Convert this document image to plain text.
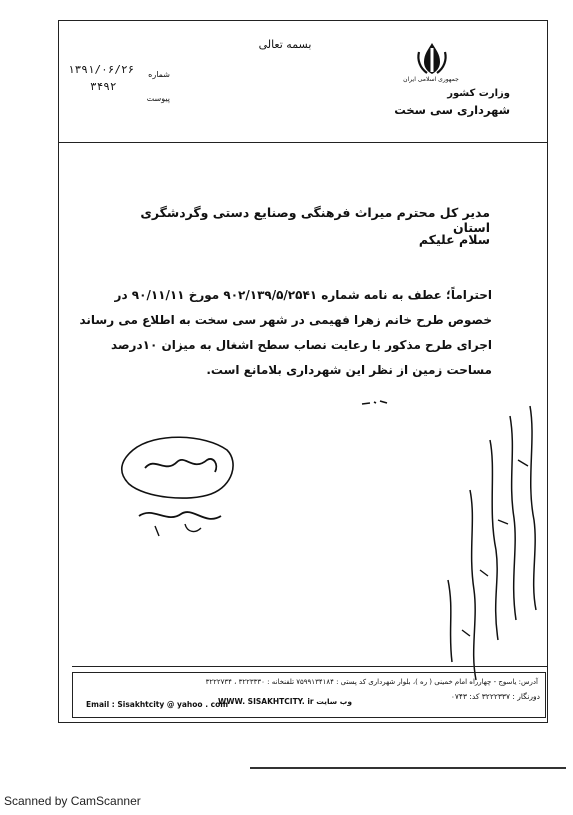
بسمه تعالی
جمهوری اسلامی ایران
وزارت کشور
شهرداری سی سخت
شماره
۱۳۹۱/۰۶/۲۶
پیوست
۳۴۹۲
مدیر کل محترم میراث فرهنگی وصنایع دستی وگردشگری استان
سلام علیکم
احتراماً؛ عطف به نامه شماره ۹۰۲/۱۳۹/۵/۲۵۴۱ مورخ ۹۰/۱۱/۱۱ در
خصوص طرح خانم زهرا فهیمی در شهر سی سخت به اطلاع می رساند
اجرای طرح مذکور با رعایت نصاب سطح اشغال به میزان ۱۰درصد
مساحت زمین از نظر این شهرداری بلامانع است.
آدرس: یاسوج - چهارراه امام خمینی ( ره )، بلوار شهرداری کد پستی : ۷۵۹۹۱۳۴۱۸۴ تلفنخانه : ۳۲۲۳۳۳۰ ، ۳۲۲۲۷۳۴
دورنگار : ۳۲۲۲۳۳۷ کد: ۰۷۴۳
وب سایت WWW. SISAKHTCITY. ir
Email : Sisakhtcity @ yahoo . com
Scanned by CamScanner
